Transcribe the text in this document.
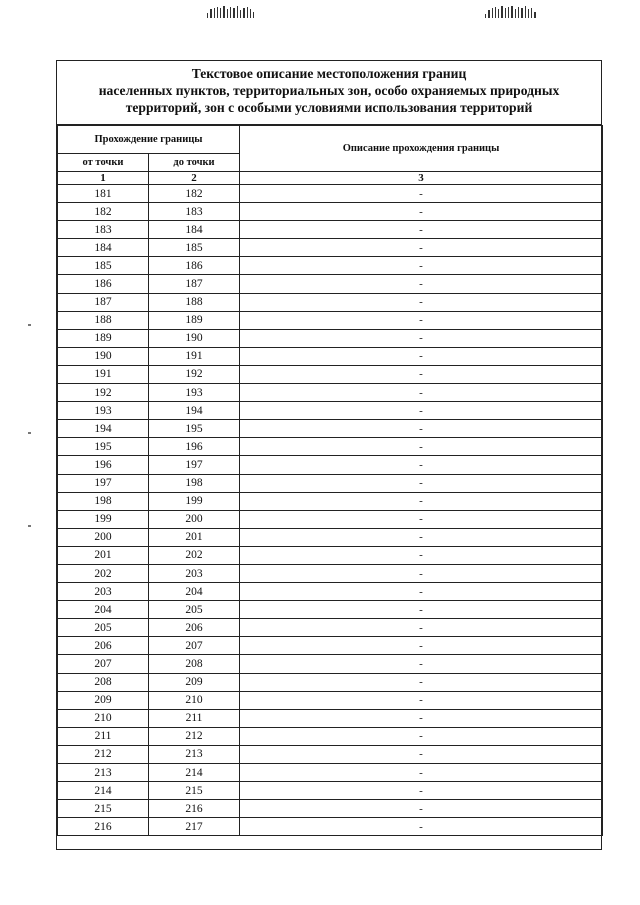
Текстовое описание местоположения границ
населенных пунктов, территориальных зон, особо охраняемых природных
территорий, зон с особыми условиями использования территорий
Прохождение границы		Описание прохождения границы
от точки	до точки	
1	2	3
181	182	-
182	183	-
183	184	-
184	185	-
185	186	-
186	187	-
187	188	-
188	189	-
189	190	-
190	191	-
191	192	-
192	193	-
193	194	-
194	195	-
195	196	-
196	197	-
197	198	-
198	199	-
199	200	-
200	201	-
201	202	-
202	203	-
203	204	-
204	205	-
205	206	-
206	207	-
207	208	-
208	209	-
209	210	-
210	211	-
211	212	-
212	213	-
213	214	-
214	215	-
215	216	-
216	217	-
